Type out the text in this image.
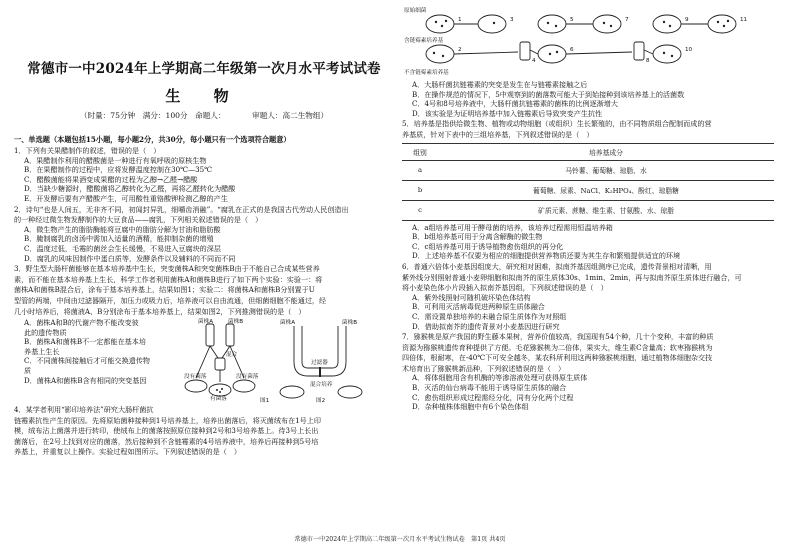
常德市一中2024年上学期高二年级第一次月水平考试试卷
生 物
（时量：75分钟　满分：100分　命题人：　　　　审题人：高二生物组）
一、单选题（本题包括15小题，每小题2分，共30分，每小题只有一个选项符合题意）
1．下列有关果醋制作的叙述，错误的是（　）
A．果醋制作利用的醋酸菌是一种进行有氧呼吸的原核生物
B．在果醋制作的过程中，应将发酵温度控制在30℃—35℃
C．醋酸菌能将果酒变成果醋的过程为乙醇→乙醛→醋酸
D．当缺少糖源时，醋酸菌将乙醇转化为乙醛，再将乙醛转化为醋酸
E．开发酵后要有产醋酸产生，可用酸性重铬酸钾检测乙醇的产生
2．诗句“也是人间五，无非齐不同，初闻封异乳，细嚼齿消融”。“腐乳在正式的是我国古代劳动人民创造出
的一种经过微生物发酵制作的大豆食品——腐乳，下列相关叙述错误的是（　）
A．微生物产生的脂肪酶能将豆腐中的脂肪分解为甘油和脂肪酸
B．腌制腐乳的卤汤中需加入适量的酒精，能抑制杂菌的增殖
C．温度过低，毛霉的菌丝会生长缓慢，不易进入豆腐块的深层
D．腐乳的风味因制作中蛋白质等，发酵条件以及辅料的不同而不同
3．野生型大肠杆菌能够在基本培养基中生长，突变菌株A和突变菌株B由于不能自己合成某些营养
素，而不能在基本培养基上生长，科学工作者利用菌株A和菌株B进行了如下两个实验：实验一：将
菌株A和菌株B混合后，涂布于基本培养基上，结果如图1；实验二：将菌株A和菌株B分别置于U
型管的两端，中间由过滤器隔开，加压力或吸力后，培养液可以自由流通，但细菌细胞不能通过，经
几小时培养后，将菌液A、B分别涂布于基本培养基上，结果如图2，下列推测错误的是（　）
A．菌株A和B的代谢产物不能改变彼
此的遗传物质
B．菌株A和菌株B不一定都能在基本培
养基上生长
C．不同菌株间接触后才可能交换遗传物
质
D．菌株A和菌株B含有相同的突变基因
菌株A	菌株B
混合
有菌落
没有菌落	没有菌落
图1
菌株A	菌株B
过滤器
混合培养
图2
4．某学者利用“影印培养法”研究大肠杆菌抗
链霉素抗性产生的原因。先将原始菌种接种到1号培养基上，培养出菌落后，将灭菌绒布在1号上印
模，绒布沾上菌落并进行转印，使绒布上的菌落按照原位接种到2号和3号培养基上。待3号上长出
菌落后，在2号上找到对应的菌落，然后接种到不含链霉素的4号培养液中，培养后再接种到5号培
养基上，并重复以上操作。实验过程如图所示。下列叙述错误的是（　）
原始细菌
含链霉素培养基
不含链霉素培养基
1
2
3
4
5
6
7
8
9
10
11
A．大肠杆菌抗链霉素的突变是发生在与链霉素接触之后
B．在操作规范的情况下，5中观察到的菌落数可能大于到始接种到该培养基上的活菌数
C．4号和8号培养液中，大肠杆菌抗链霉素的菌株的比例逐渐增大
D．该实验是为证明培养基中加入链霉素后导致突变产生抗性
5．培养基是指供给微生物、植物或动物细胞（或组织）生长繁殖的，由不同物质组合配制而成的营
养基质，针对下表中的三组培养基，下列叙述错误的是（　）
组别	培养基成分
a	马铃薯、葡萄糖、琼脂、水
b	葡萄糖、尿素、NaCl、K₂HPO₄、酚红、琼脂糖
c	矿质元素、蔗糖、维生素、甘氨酸、水、琼脂
A．a组培养基可用于酵母菌的培养，该培养过程需用恒温培养箱
B．b组培养基可用于分离含解酶的微生物
C．c组培养基可用于诱导植物愈伤组织的再分化
D．上述培养基不仅要为相应的细胞提供营养物质还要为其生存和繁殖提供适宜的环境
6．普通六倍体小麦基因组庞大，研究相对困难，拟南芥基因组测序已完成，遗传背景相对清晰，用
紫外线分别照射普通小麦卵细胞和拟南芥的原生质体30s、1min、2min，再与拟南芥原生质体进行融合，可
将小麦染色体小片段插入拟南芥基因组，下列叙述错误的是（　）
A．紫外线照射可随机破坏染色体结构
B．可利用灭活病毒促进两种原生质体融合
C．需设置单独培养的未融合原生质体作为对照组
D．借助拟南芥的遗传背景对小麦基因进行研究
7．猕猴桃是原产我国的野生藤本果树，营养价值较高，我国现有54个种，几十个变种，丰富的种质
资源为猕猴桃遗传育种提供了方便。毛花猕猴桃为二倍体，果实大，维生素C含量高；软枣猕猴桃为
四倍体，根耐寒，在-40℃下可安全越冬，某农科所利用这两种猕猴桃细胞，通过植物体细胞杂交技
术培育出了猕猴桃新品种，下列叙述错误的是（　）
A．将体细胞用含有机酶的等渗溶液处理可获得原生质体
B．灭活的仙台病毒不能用于诱导原生质体的融合
C．愈伤组织形成过程需经分化，同有分化两个过程
D．杂种植株体细胞中有6个染色体组
常德市一中2024年上学期高二年级第一次月水平考试生物试卷　第1页 共4页
